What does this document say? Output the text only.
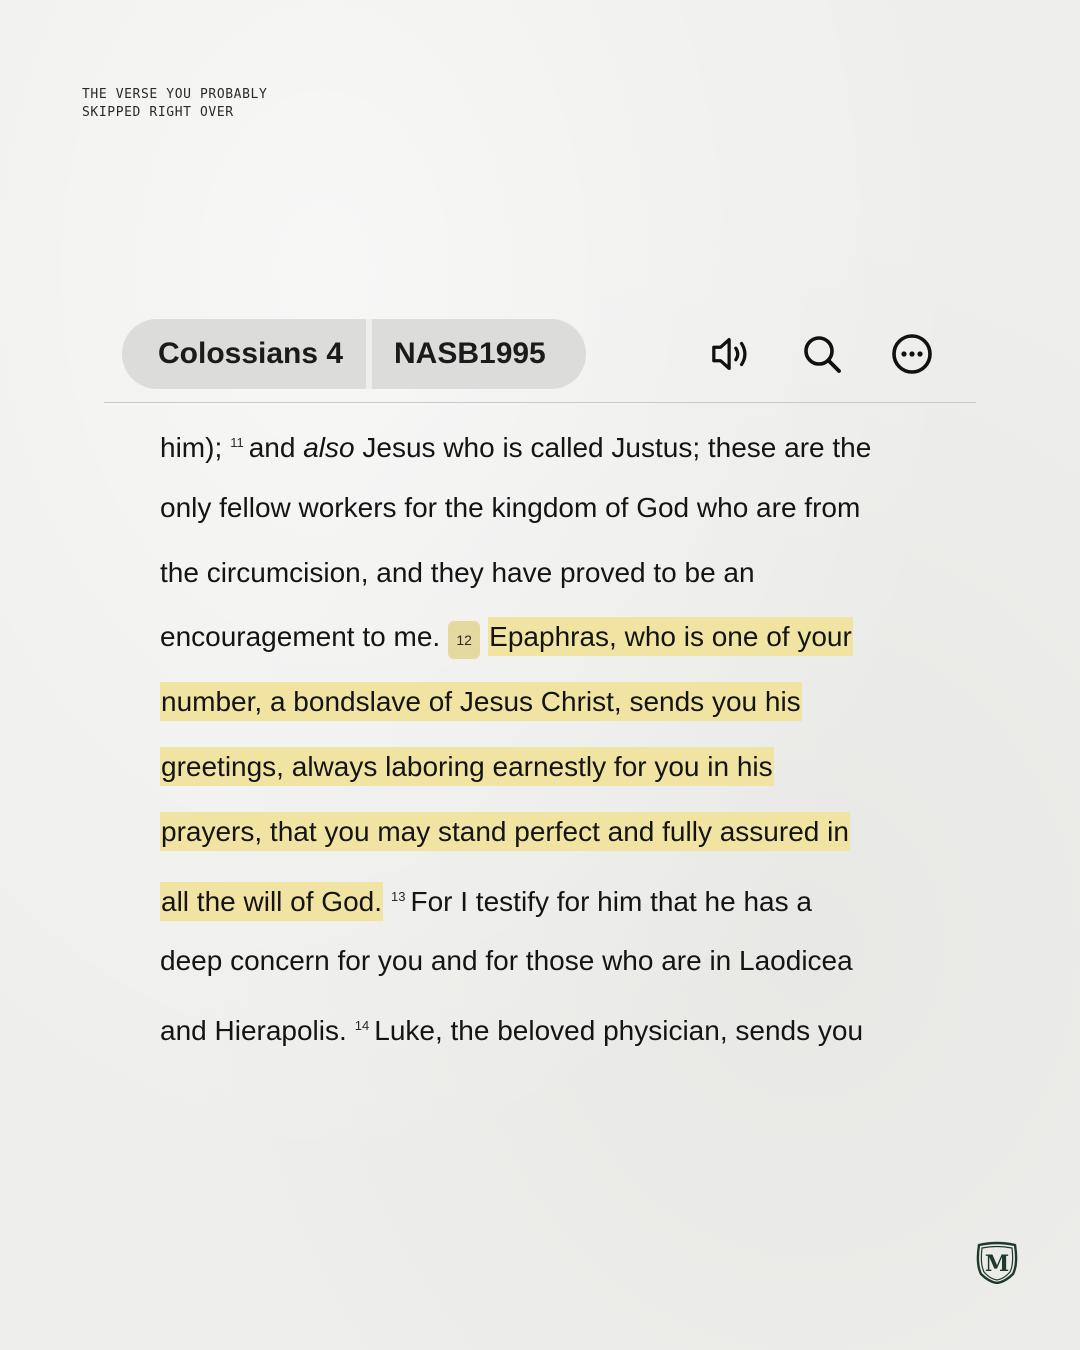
THE VERSE YOU PROBABLY
SKIPPED RIGHT OVER
Colossians 4 NASB1995
him); $^{11}$ and also Jesus who is called Justus; these are the
only fellow workers for the kingdom of God who are from
the circumcision, and they have proved to be an
encouragement to me. 12 Epaphras, who is one of your
number, a bondslave of Jesus Christ, sends you his
greetings, always laboring earnestly for you in his
prayers, that you may stand perfect and fully assured in
all the will of God. $^{13}$ For I testify for him that he has a
deep concern for you and for those who are in Laodicea
and Hierapolis. $^{14}$ Luke, the beloved physician, sends you
M
